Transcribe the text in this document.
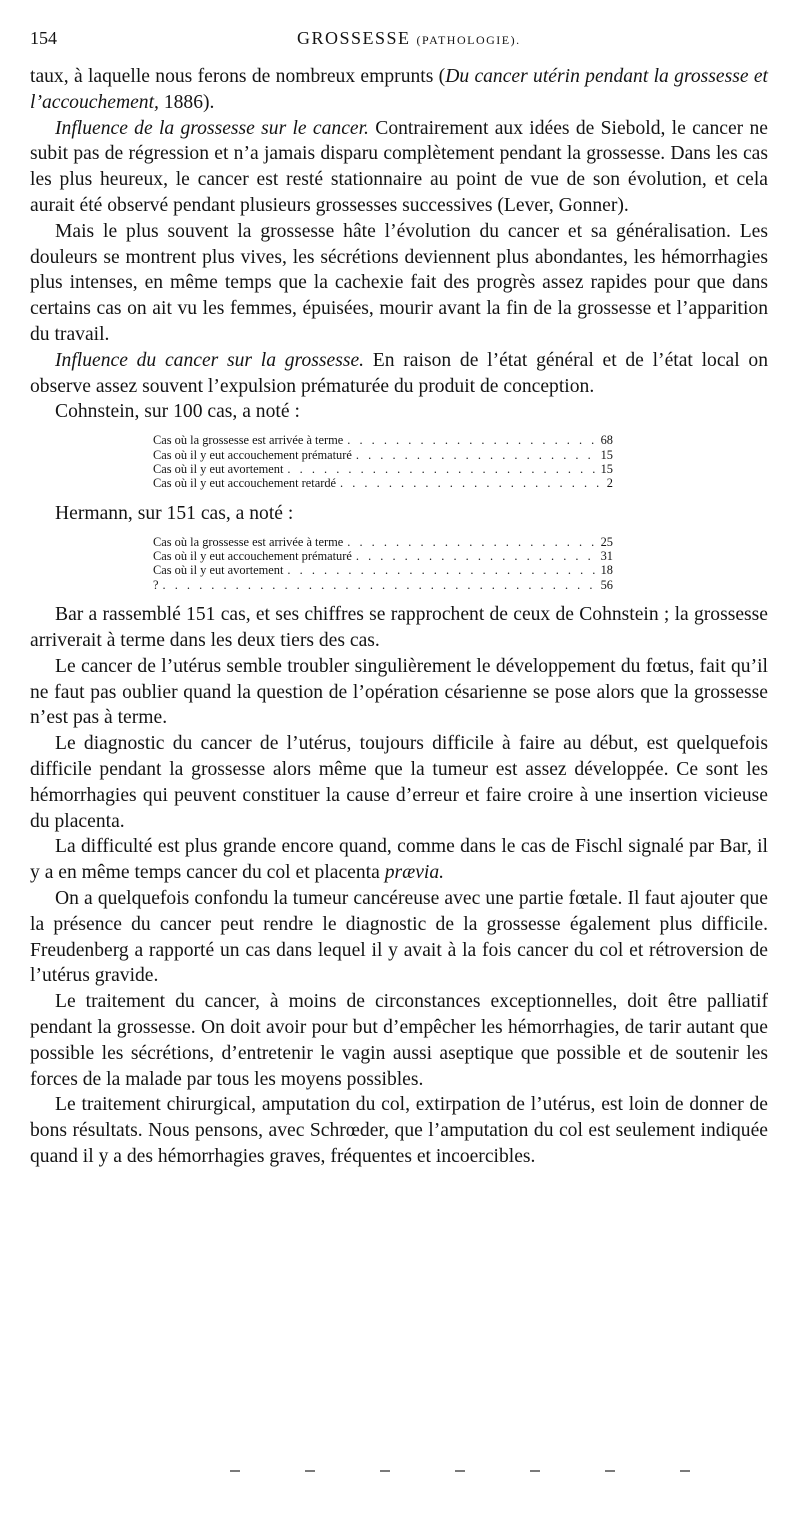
154	GROSSESSE (PATHOLOGIE).

taux, à laquelle nous ferons de nombreux emprunts (Du cancer utérin pendant la grossesse et l’accouchement, 1886).

Influence de la grossesse sur le cancer. Contrairement aux idées de Siebold, le cancer ne subit pas de régression et n’a jamais disparu complètement pendant la grossesse. Dans les cas les plus heureux, le cancer est resté stationnaire au point de vue de son évolution, et cela aurait été observé pendant plusieurs grossesses successives (Lever, Gonner).

Mais le plus souvent la grossesse hâte l’évolution du cancer et sa généralisation. Les douleurs se montrent plus vives, les sécrétions deviennent plus abondantes, les hémorrhagies plus intenses, en même temps que la cachexie fait des progrès assez rapides pour que dans certains cas on ait vu les femmes, épuisées, mourir avant la fin de la grossesse et l’apparition du travail.

Influence du cancer sur la grossesse. En raison de l’état général et de l’état local on observe assez souvent l’expulsion prématurée du produit de conception.

Cohnstein, sur 100 cas, a noté :

Cas où la grossesse est arrivée à terme . . .	68
Cas où il y eut accouchement prématuré . . .	15
Cas où il y eut avortement . . .	15
Cas où il y eut accouchement retardé . . .	2

Hermann, sur 151 cas, a noté :

Cas où la grossesse est arrivée à terme . . .	25
Cas où il y eut accouchement prématuré . . .	31
Cas où il y eut avortement . . .	18
? . . .	56

Bar a rassemblé 151 cas, et ses chiffres se rapprochent de ceux de Cohnstein ; la grossesse arriverait à terme dans les deux tiers des cas.

Le cancer de l’utérus semble troubler singulièrement le développement du fœtus, fait qu’il ne faut pas oublier quand la question de l’opération césarienne se pose alors que la grossesse n’est pas à terme.

Le diagnostic du cancer de l’utérus, toujours difficile à faire au début, est quelquefois difficile pendant la grossesse alors même que la tumeur est assez développée. Ce sont les hémorrhagies qui peuvent constituer la cause d’erreur et faire croire à une insertion vicieuse du placenta.

La difficulté est plus grande encore quand, comme dans le cas de Fischl signalé par Bar, il y a en même temps cancer du col et placenta prævia.

On a quelquefois confondu la tumeur cancéreuse avec une partie fœtale. Il faut ajouter que la présence du cancer peut rendre le diagnostic de la grossesse également plus difficile. Freudenberg a rapporté un cas dans lequel il y avait à la fois cancer du col et rétroversion de l’utérus gravide.

Le traitement du cancer, à moins de circonstances exceptionnelles, doit être palliatif pendant la grossesse. On doit avoir pour but d’empêcher les hémorrhagies, de tarir autant que possible les sécrétions, d’entretenir le vagin aussi aseptique que possible et de soutenir les forces de la malade par tous les moyens possibles.

Le traitement chirurgical, amputation du col, extirpation de l’utérus, est loin de donner de bons résultats. Nous pensons, avec Schrœder, que l’amputation du col est seulement indiquée quand il y a des hémorrhagies graves, fréquentes et incoercibles.
